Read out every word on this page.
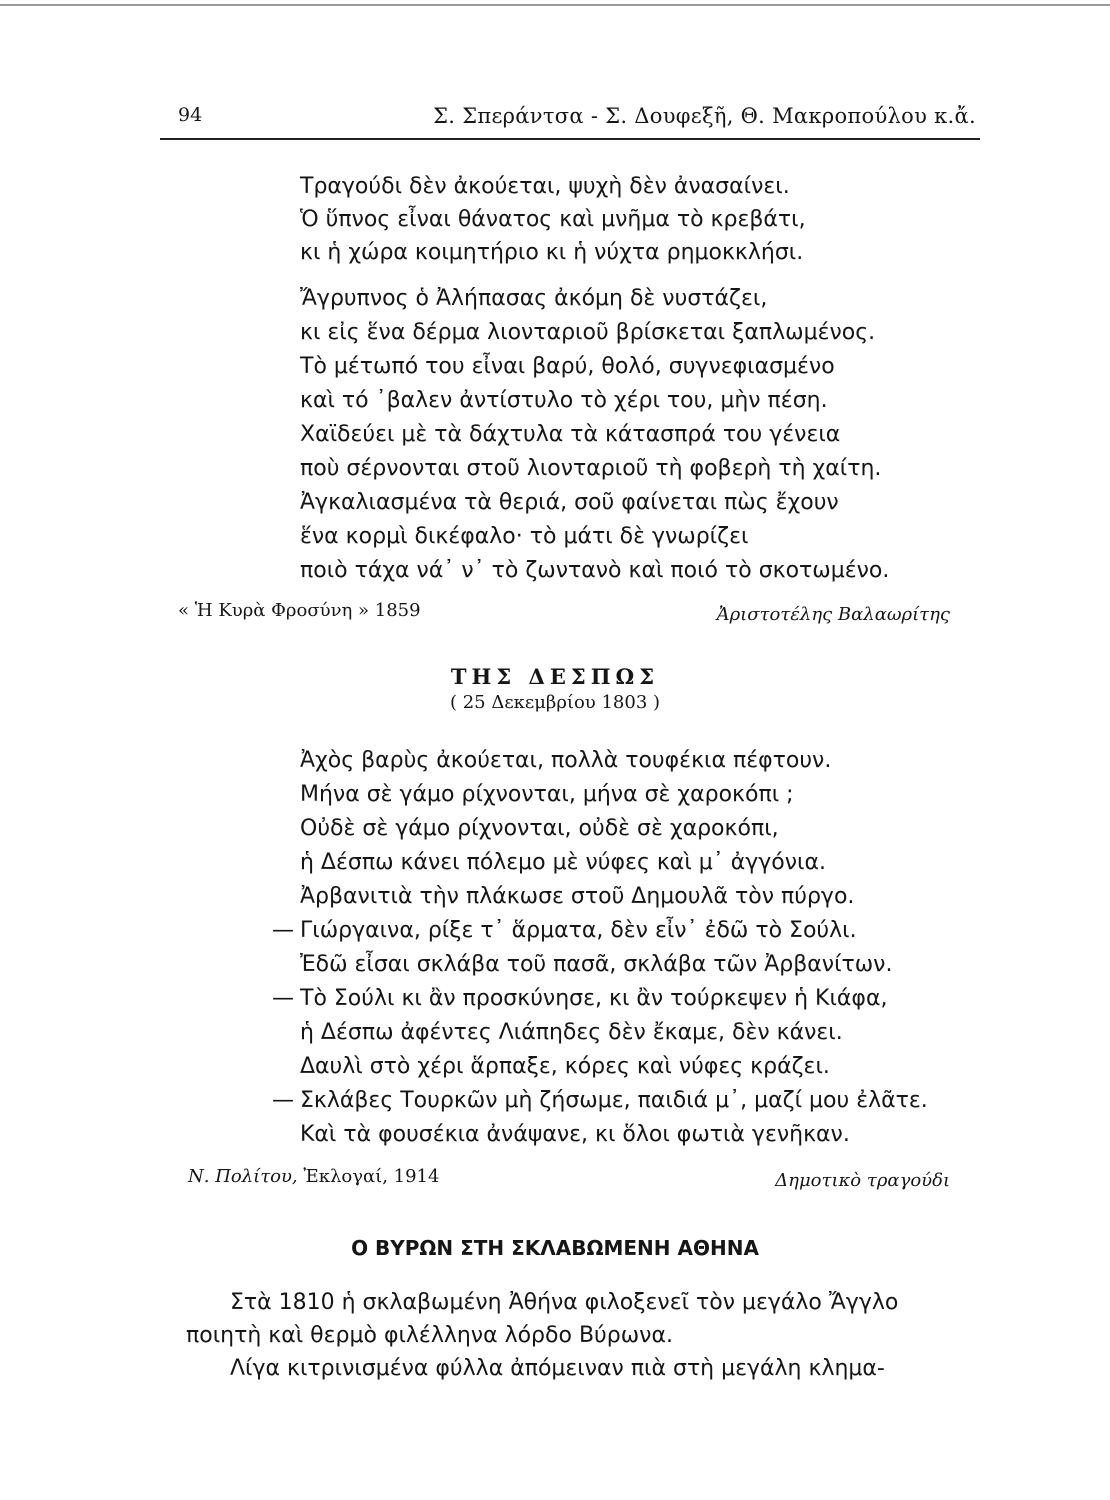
94	Σ. Σπεράντσα - Σ. Δουφεξῆ, Θ. Μακροπούλου κ.ἄ.
Τραγούδι δὲν ἀκούεται, ψυχὴ δὲν ἀνασαίνει.
Ὁ ὕπνος εἶναι θάνατος καὶ μνῆμα τὸ κρεβάτι,
κι ἡ χώρα κοιμητήριο κι ἡ νύχτα ρημοκκλήσι.
Ἄγρυπνος ὁ Ἀλήπασας ἀκόμη δὲ νυστάζει,
κι εἰς ἕνα δέρμα λιονταριοῦ βρίσκεται ξαπλωμένος.
Τὸ μέτωπό του εἶναι βαρύ, θολό, συγνεφιασμένο
καὶ τό ᾿βαλεν ἀντίστυλο τὸ χέρι του, μὴν πέση.
Χαϊδεύει μὲ τὰ δάχτυλα τὰ κάτασπρά του γένεια
ποὺ σέρνονται στοῦ λιονταριοῦ τὴ φοβερὴ τὴ χαίτη.
Ἀγκαλιασμένα τὰ θεριά, σοῦ φαίνεται πὼς ἔχουν
ἕνα κορμὶ δικέφαλο· τὸ μάτι δὲ γνωρίζει
ποιὸ τάχα νά᾿ ν᾿ τὸ ζωντανὸ καὶ ποιό τὸ σκοτωμένο.
« Ἡ Κυρὰ Φροσύνη » 1859	Ἀριστοτέλης Βαλαωρίτης
ΤΗΣ ΔΕΣΠΩΣ
( 25 Δεκεμβρίου 1803 )
Ἀχὸς βαρὺς ἀκούεται, πολλὰ τουφέκια πέφτουν.
Μήνα σὲ γάμο ρίχνονται, μήνα σὲ χαροκόπι ;
Οὐδὲ σὲ γάμο ρίχνονται, οὐδὲ σὲ χαροκόπι,
ἡ Δέσπω κάνει πόλεμο μὲ νύφες καὶ μ᾿ ἀγγόνια.
Ἀρβανιτιὰ τὴν πλάκωσε στοῦ Δημουλᾶ τὸν πύργο.
— Γιώργαινα, ρίξε τ᾿ ἅρματα, δὲν εἶν᾿ ἐδῶ τὸ Σούλι.
Ἐδῶ εἶσαι σκλάβα τοῦ πασᾶ, σκλάβα τῶν Ἀρβανίτων.
— Τὸ Σούλι κι ἂν προσκύνησε, κι ἂν τούρκεψεν ἡ Κιάφα,
ἡ Δέσπω ἀφέντες Λιάπηδες δὲν ἔκαμε, δὲν κάνει.
Δαυλὶ στὸ χέρι ἅρπαξε, κόρες καὶ νύφες κράζει.
— Σκλάβες Τουρκῶν μὴ ζήσωμε, παιδιά μ᾿, μαζί μου ἐλᾶτε.
Καὶ τὰ φουσέκια ἀνάψανε, κι ὅλοι φωτιὰ γενῆκαν.
Ν. Πολίτου, Ἐκλογαί, 1914	Δημοτικὸ τραγούδι
Ο ΒΥΡΩΝ ΣΤΗ ΣΚΛΑΒΩΜΕΝΗ ΑΘΗΝΑ
Στὰ 1810 ἡ σκλαβωμένη Ἀθήνα φιλοξενεῖ τὸν μεγάλο Ἄγγλο
ποιητὴ καὶ θερμὸ φιλέλληνα λόρδο Βύρωνα.
Λίγα κιτρινισμένα φύλλα ἀπόμειναν πιὰ στὴ μεγάλη κλημα-
